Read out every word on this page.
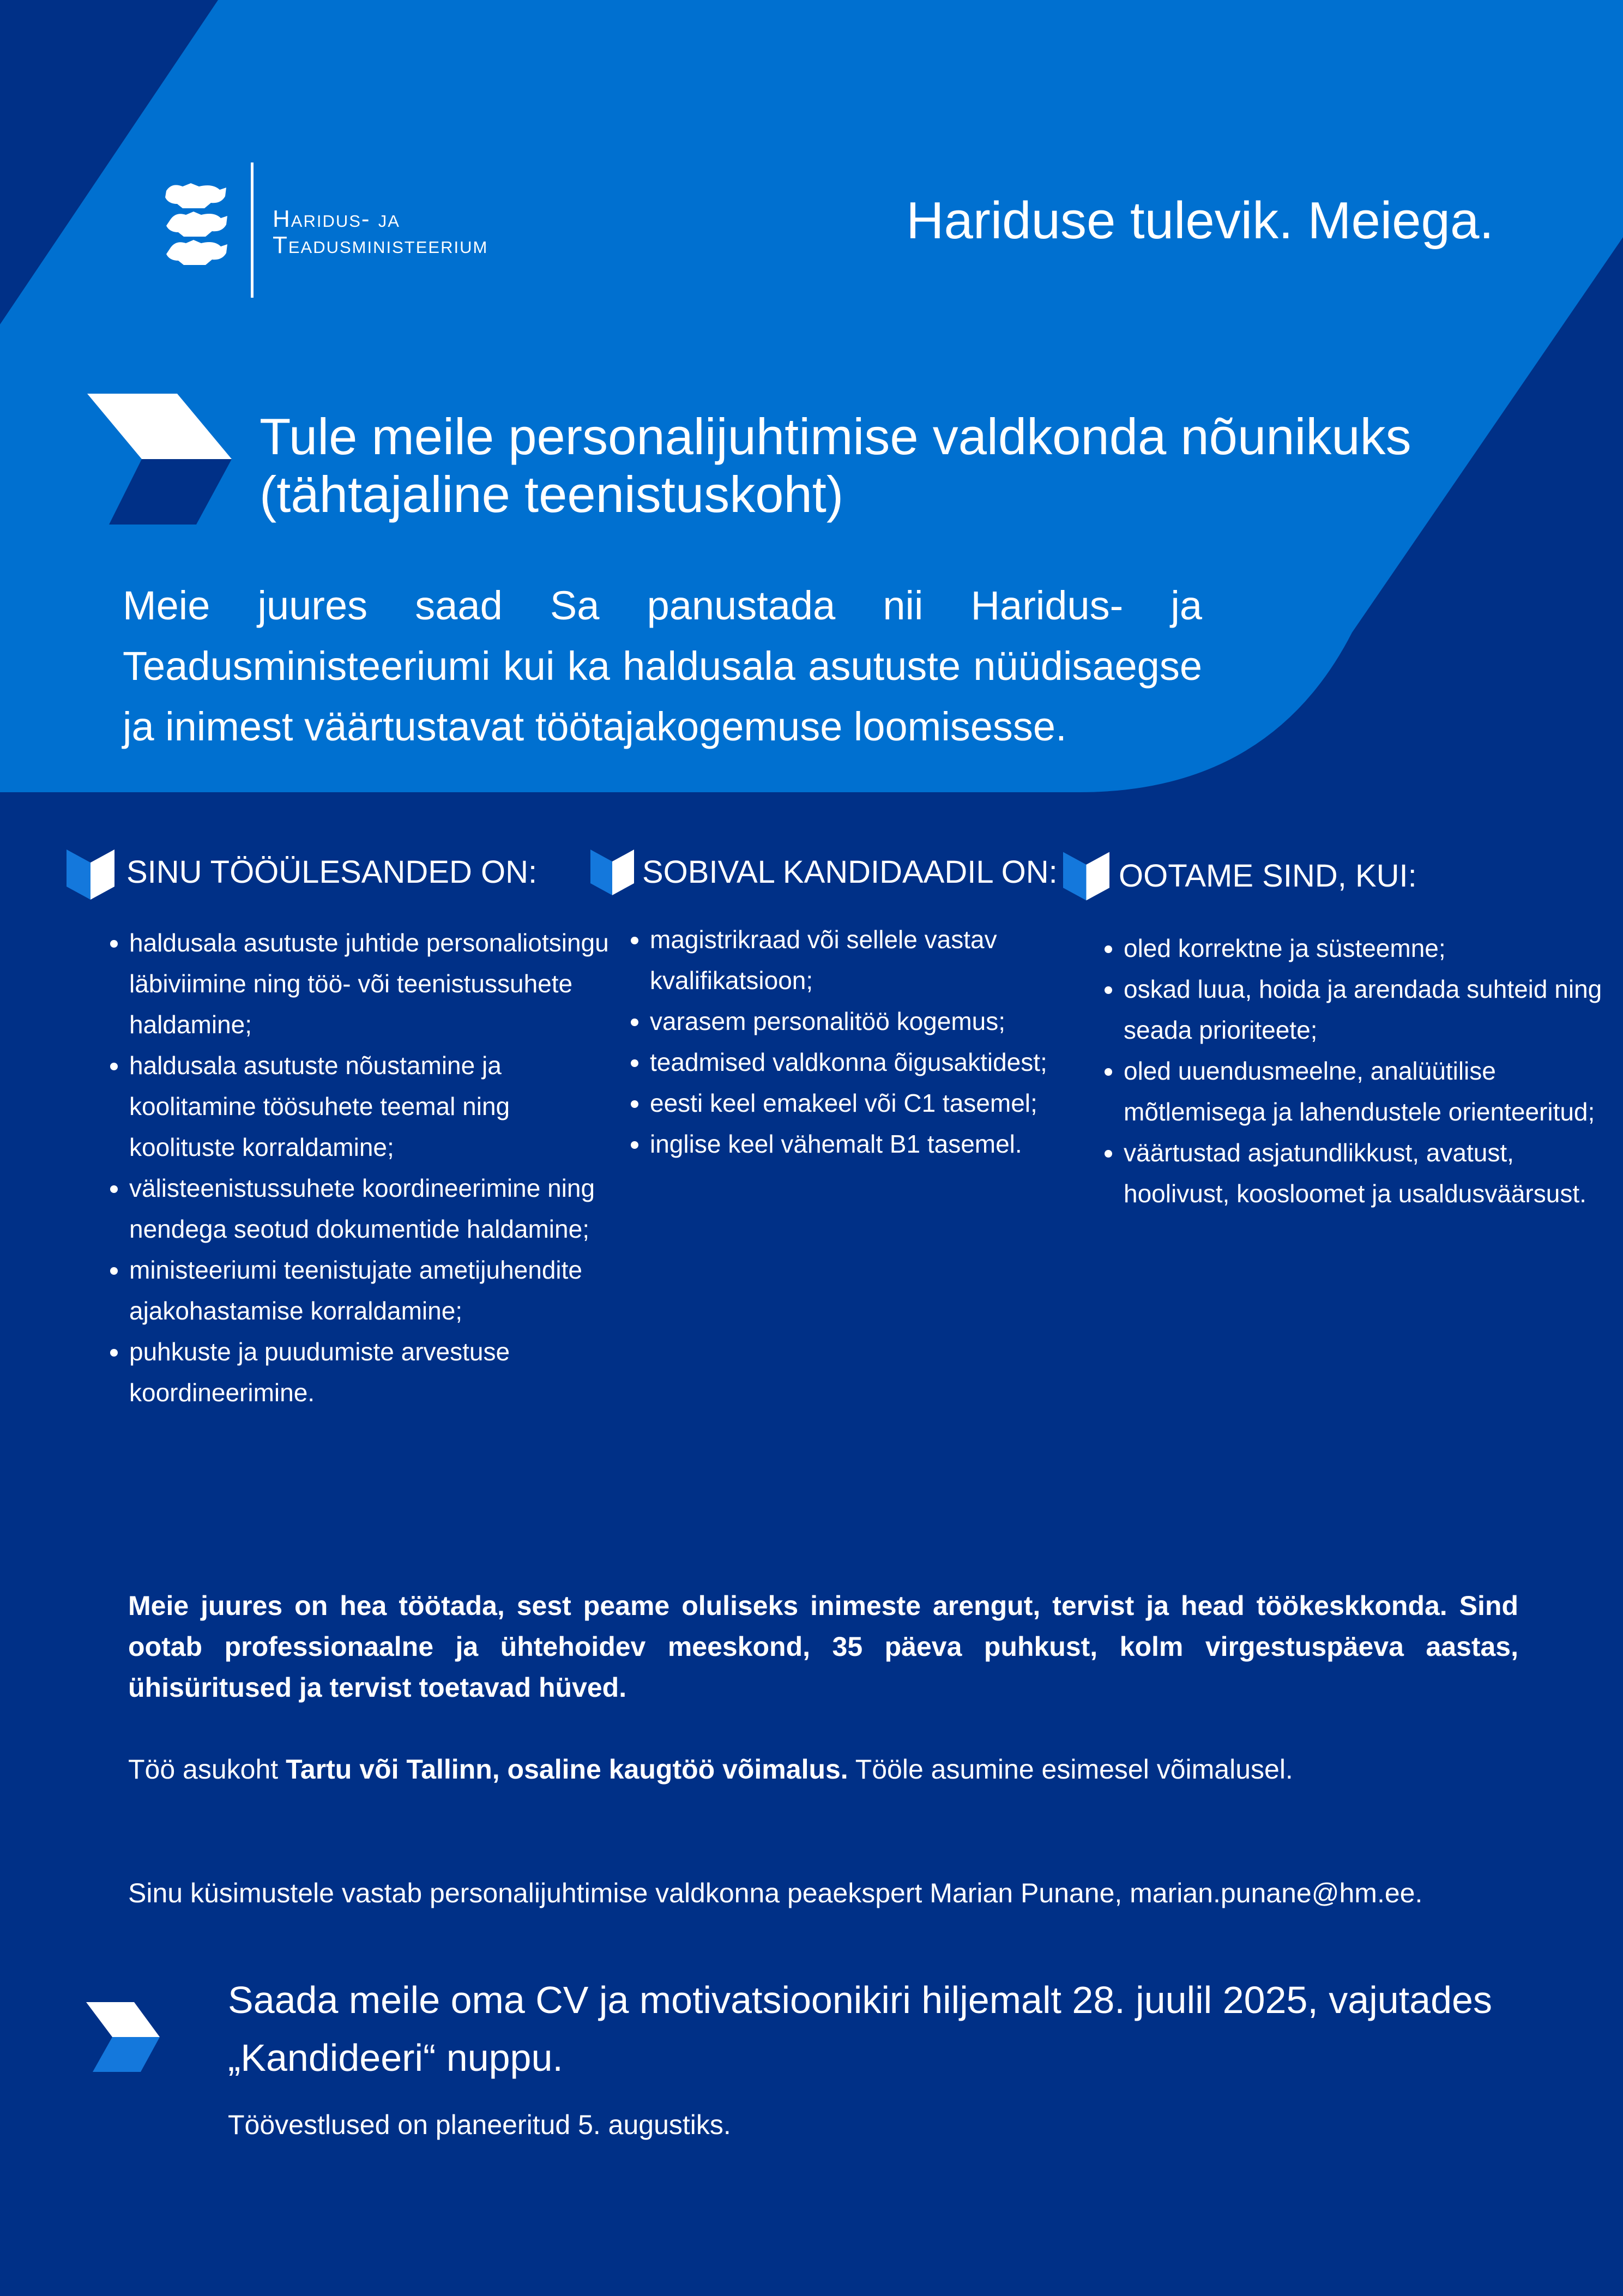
Haridus- ja
Teadusministeerium	Hariduse tulevik. Meiega.
Tule meile personalijuhtimise valdkonda nõunikuks
(tähtajaline teenistuskoht)
Meie juures saad Sa panustada nii Haridus- ja Teadusministeeriumi kui ka haldusala asutuste nüüdisaegse ja inimest väärtustavat töötajakogemuse loomisesse.
SINU TÖÖÜLESANDED ON:
• haldusala asutuste juhtide personaliotsingu läbiviimine ning töö- või teenistussuhete haldamine;
• haldusala asutuste nõustamine ja koolitamine töösuhete teemal ning koolituste korraldamine;
• välisteenistussuhete koordineerimine ning nendega seotud dokumentide haldamine;
• ministeeriumi teenistujate ametijuhendite ajakohastamise korraldamine;
• puhkuste ja puudumiste arvestuse koordineerimine.
SOBIVAL KANDIDAADIL ON:
• magistrikraad või sellele vastav kvalifikatsioon;
• varasem personalitöö kogemus;
• teadmised valdkonna õigusaktidest;
• eesti keel emakeel või C1 tasemel;
• inglise keel vähemalt B1 tasemel.
OOTAME SIND, KUI:
• oled korrektne ja süsteemne;
• oskad luua, hoida ja arendada suhteid ning seada prioriteete;
• oled uuendusmeelne, analüütilise mõtlemisega ja lahendustele orienteeritud;
• väärtustad asjatundlikkust, avatust, hoolivust, koosloomet ja usaldusväärsust.
Meie juures on hea töötada, sest peame oluliseks inimeste arengut, tervist ja head töökeskkonda. Sind ootab professionaalne ja ühtehoidev meeskond, 35 päeva puhkust, kolm virgestuspäeva aastas, ühisüritused ja tervist toetavad hüved.
Töö asukoht Tartu või Tallinn, osaline kaugtöö võimalus. Tööle asumine esimesel võimalusel.
Sinu küsimustele vastab personalijuhtimise valdkonna peaekspert Marian Punane, marian.punane@hm.ee.
Saada meile oma CV ja motivatsioonikiri hiljemalt 28. juulil 2025, vajutades
„Kandideeri“ nuppu.
Töövestlused on planeeritud 5. augustiks.
